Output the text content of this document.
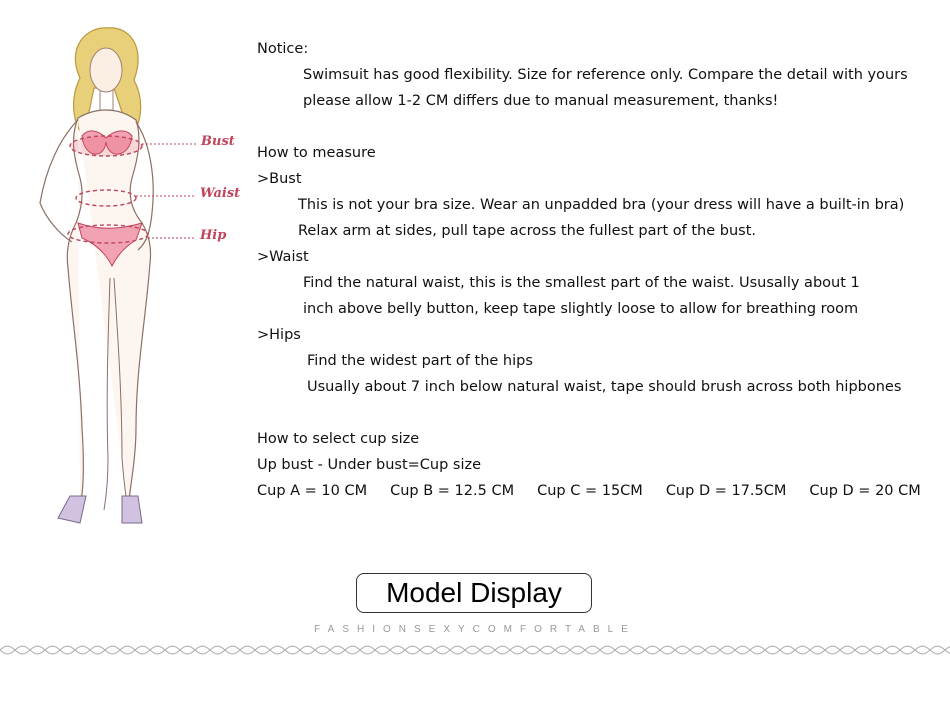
Bust
Waist
Hip
Notice:
Swimsuit has good flexibility. Size for reference only. Compare the detail with yours
please allow 1-2 CM differs due to manual measurement, thanks!
How to measure
>Bust
This is not your bra size. Wear an unpadded bra (your dress will have a built-in bra)
Relax arm at sides, pull tape across the fullest part of the bust.
>Waist
Find the natural waist, this is the smallest part of the waist. Ususally about 1
inch above belly button, keep tape slightly loose to allow for breathing room
>Hips
Find the widest part of the hips
Usually about 7 inch below natural waist, tape should brush across both hipbones
How to select cup size
Up bust - Under bust=Cup size
Cup A = 10 CM Cup B = 12.5 CM Cup C = 15CM Cup D = 17.5CM Cup D = 20 CM
Model Display
FASHIONSEXYCOMFORTABLE
